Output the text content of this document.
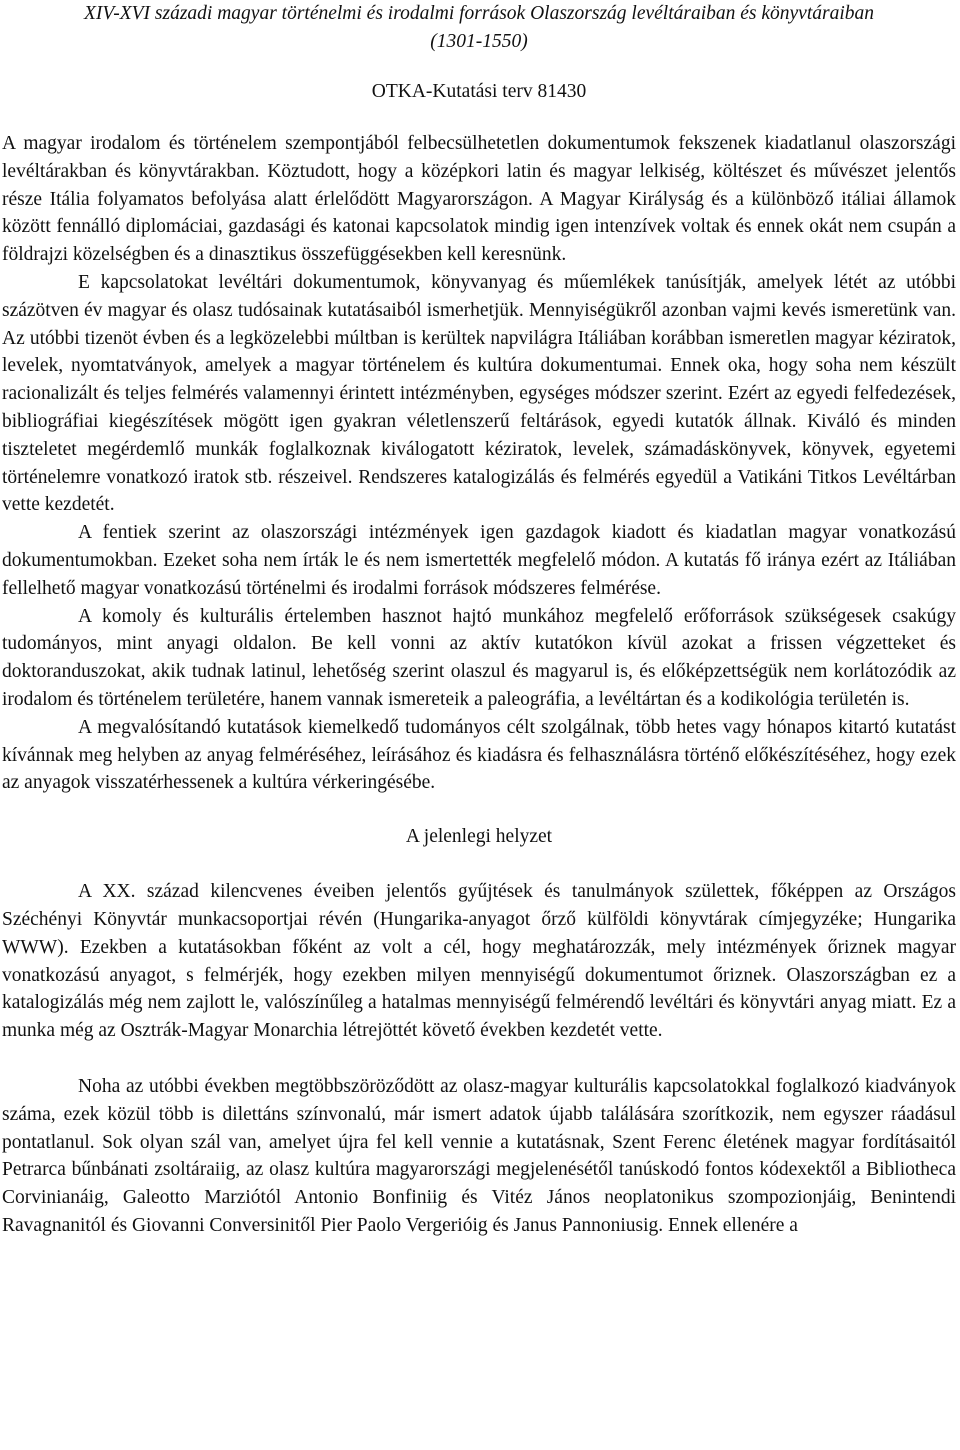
XIV-XVI századi magyar történelmi és irodalmi források Olaszország levéltáraiban és könyvtáraiban
(1301-1550)

OTKA-Kutatási terv 81430

A magyar irodalom és történelem szempontjából felbecsülhetetlen dokumentumok fekszenek kiadatlanul olaszországi levéltárakban és könyvtárakban. Köztudott, hogy a középkori latin és magyar lelkiség, költészet és művészet jelentős része Itália folyamatos befolyása alatt érlelődött Magyarországon. A Magyar Királyság és a különböző itáliai államok között fennálló diplomáciai, gazdasági és katonai kapcsolatok mindig igen intenzívek voltak és ennek okát nem csupán a földrajzi közelségben és a dinasztikus összefüggésekben kell keresnünk.

E kapcsolatokat levéltári dokumentumok, könyvanyag és műemlékek tanúsítják, amelyek létét az utóbbi százötven év magyar és olasz tudósainak kutatásaiból ismerhetjük. Mennyiségükről azonban vajmi kevés ismeretünk van. Az utóbbi tizenöt évben és a legközelebbi múltban is kerültek napvilágra Itáliában korábban ismeretlen magyar kéziratok, levelek, nyomtatványok, amelyek a magyar történelem és kultúra dokumentumai. Ennek oka, hogy soha nem készült racionalizált és teljes felmérés valamennyi érintett intézményben, egységes módszer szerint. Ezért az egyedi felfedezések, bibliográfiai kiegészítések mögött igen gyakran véletlenszerű feltárások, egyedi kutatók állnak. Kiváló és minden tiszteletet megérdemlő munkák foglalkoznak kiválogatott kéziratok, levelek, számadáskönyvek, könyvek, egyetemi történelemre vonatkozó iratok stb. részeivel. Rendszeres katalogizálás és felmérés egyedül a Vatikáni Titkos Levéltárban vette kezdetét.

A fentiek szerint az olaszországi intézmények igen gazdagok kiadott és kiadatlan magyar vonatkozású dokumentumokban. Ezeket soha nem írták le és nem ismertették megfelelő módon. A kutatás fő iránya ezért az Itáliában fellelhető magyar vonatkozású történelmi és irodalmi források módszeres felmérése.

A komoly és kulturális értelemben hasznot hajtó munkához megfelelő erőforrások szükségesek csakúgy tudományos, mint anyagi oldalon. Be kell vonni az aktív kutatókon kívül azokat a frissen végzetteket és doktoranduszokat, akik tudnak latinul, lehetőség szerint olaszul és magyarul is, és előképzettségük nem korlátozódik az irodalom és történelem területére, hanem vannak ismereteik a paleográfia, a levéltártan és a kodikológia területén is.

A megvalósítandó kutatások kiemelkedő tudományos célt szolgálnak, több hetes vagy hónapos kitartó kutatást kívánnak meg helyben az anyag felméréséhez, leírásához és kiadásra és felhasználásra történő előkészítéséhez, hogy ezek az anyagok visszatérhessenek a kultúra vérkeringésébe.

A jelenlegi helyzet

A XX. század kilencvenes éveiben jelentős gyűjtések és tanulmányok születtek, főképpen az Országos Széchényi Könyvtár munkacsoportjai révén (Hungarika-anyagot őrző külföldi könyvtárak címjegyzéke; Hungarika WWW). Ezekben a kutatásokban főként az volt a cél, hogy meghatározzák, mely intézmények őriznek magyar vonatkozású anyagot, s felmérjék, hogy ezekben milyen mennyiségű dokumentumot őriznek. Olaszországban ez a katalogizálás még nem zajlott le, valószínűleg a hatalmas mennyiségű felmérendő levéltári és könyvtári anyag miatt. Ez a munka még az Osztrák-Magyar Monarchia létrejöttét követő években kezdetét vette.

Noha az utóbbi években megtöbbszöröződött az olasz-magyar kulturális kapcsolatokkal foglalkozó kiadványok száma, ezek közül több is dilettáns színvonalú, már ismert adatok újabb találására szorítkozik, nem egyszer ráadásul pontatlanul. Sok olyan szál van, amelyet újra fel kell vennie a kutatásnak, Szent Ferenc életének magyar fordításaitól Petrarca bűnbánati zsoltáraiig, az olasz kultúra magyarországi megjelenésétől tanúskodó fontos kódexektől a Bibliotheca Corvinianáig, Galeotto Marziótól Antonio Bonfiniig és Vitéz János neoplatonikus szompozionjáig, Benintendi Ravagnanitól és Giovanni Conversinitől Pier Paolo Vergerióig és Janus Pannoniusig. Ennek ellenére a
